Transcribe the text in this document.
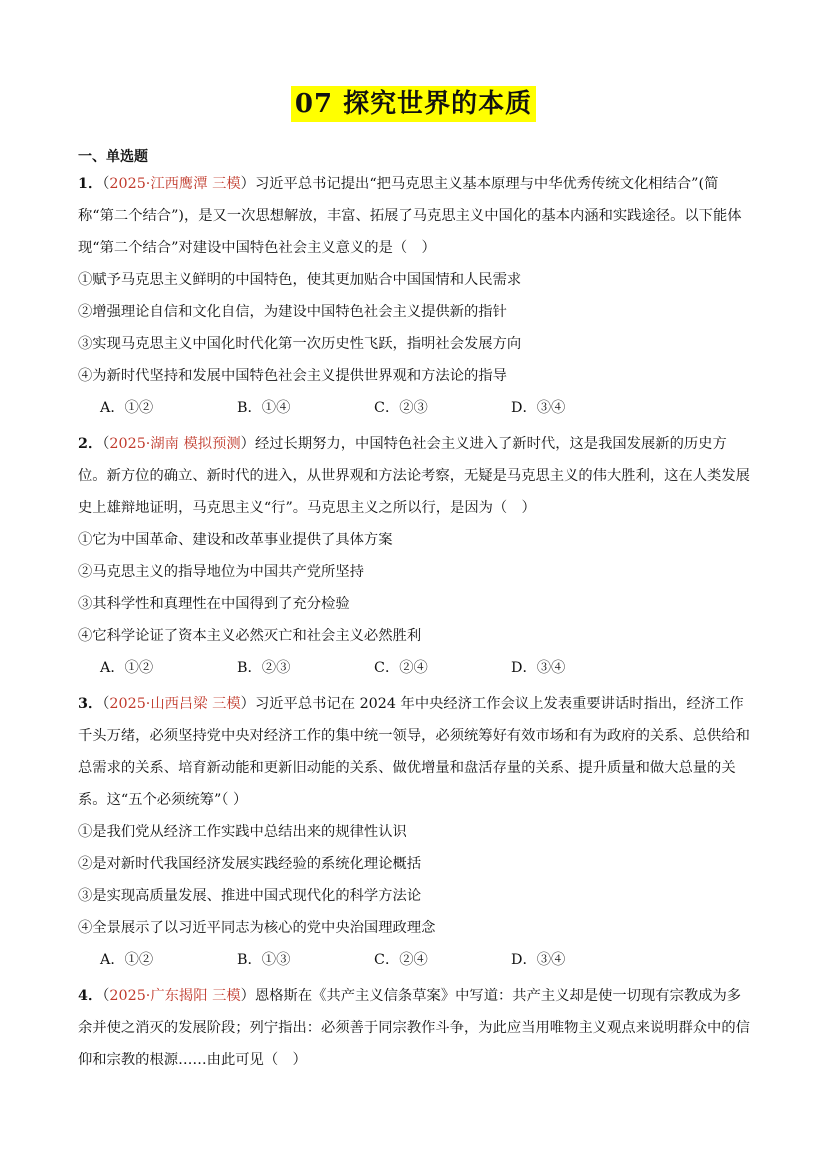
07 探究世界的本质
一、单选题

1．（2025·江西鹰潭 三模）习近平总书记提出“把马克思主义基本原理与中华优秀传统文化相结合”(简称“第二个结合”)，是又一次思想解放，丰富、拓展了马克思主义中国化的基本内涵和实践途径。以下能体现“第二个结合”对建设中国特色社会主义意义的是（　）

①赋予马克思主义鲜明的中国特色，使其更加贴合中国国情和人民需求

②增强理论自信和文化自信，为建设中国特色社会主义提供新的指针

③实现马克思主义中国化时代化第一次历史性飞跃，指明社会发展方向

④为新时代坚持和发展中国特色社会主义提供世界观和方法论的指导

A．①②	B．①④	C．②③	D．③④

2．（2025·湖南 模拟预测）经过长期努力，中国特色社会主义进入了新时代，这是我国发展新的历史方位。新方位的确立、新时代的进入，从世界观和方法论考察，无疑是马克思主义的伟大胜利，这在人类发展史上雄辩地证明，马克思主义“行”。马克思主义之所以行，是因为（　）

①它为中国革命、建设和改革事业提供了具体方案

②马克思主义的指导地位为中国共产党所坚持

③其科学性和真理性在中国得到了充分检验

④它科学论证了资本主义必然灭亡和社会主义必然胜利

A．①②	B．②③	C．②④	D．③④

3．（2025·山西吕梁 三模）习近平总书记在 2024 年中央经济工作会议上发表重要讲话时指出，经济工作千头万绪，必须坚持党中央对经济工作的集中统一领导，必须统筹好有效市场和有为政府的关系、总供给和总需求的关系、培育新动能和更新旧动能的关系、做优增量和盘活存量的关系、提升质量和做大总量的关系。这“五个必须统筹”（ ）

①是我们党从经济工作实践中总结出来的规律性认识

②是对新时代我国经济发展实践经验的系统化理论概括

③是实现高质量发展、推进中国式现代化的科学方法论

④全景展示了以习近平同志为核心的党中央治国理政理念

A．①②	B．①③	C．②④	D．③④

4．（2025·广东揭阳 三模）恩格斯在《共产主义信条草案》中写道：共产主义却是使一切现有宗教成为多余并使之消灭的发展阶段；列宁指出：必须善于同宗教作斗争，为此应当用唯物主义观点来说明群众中的信仰和宗教的根源……由此可见（　）
